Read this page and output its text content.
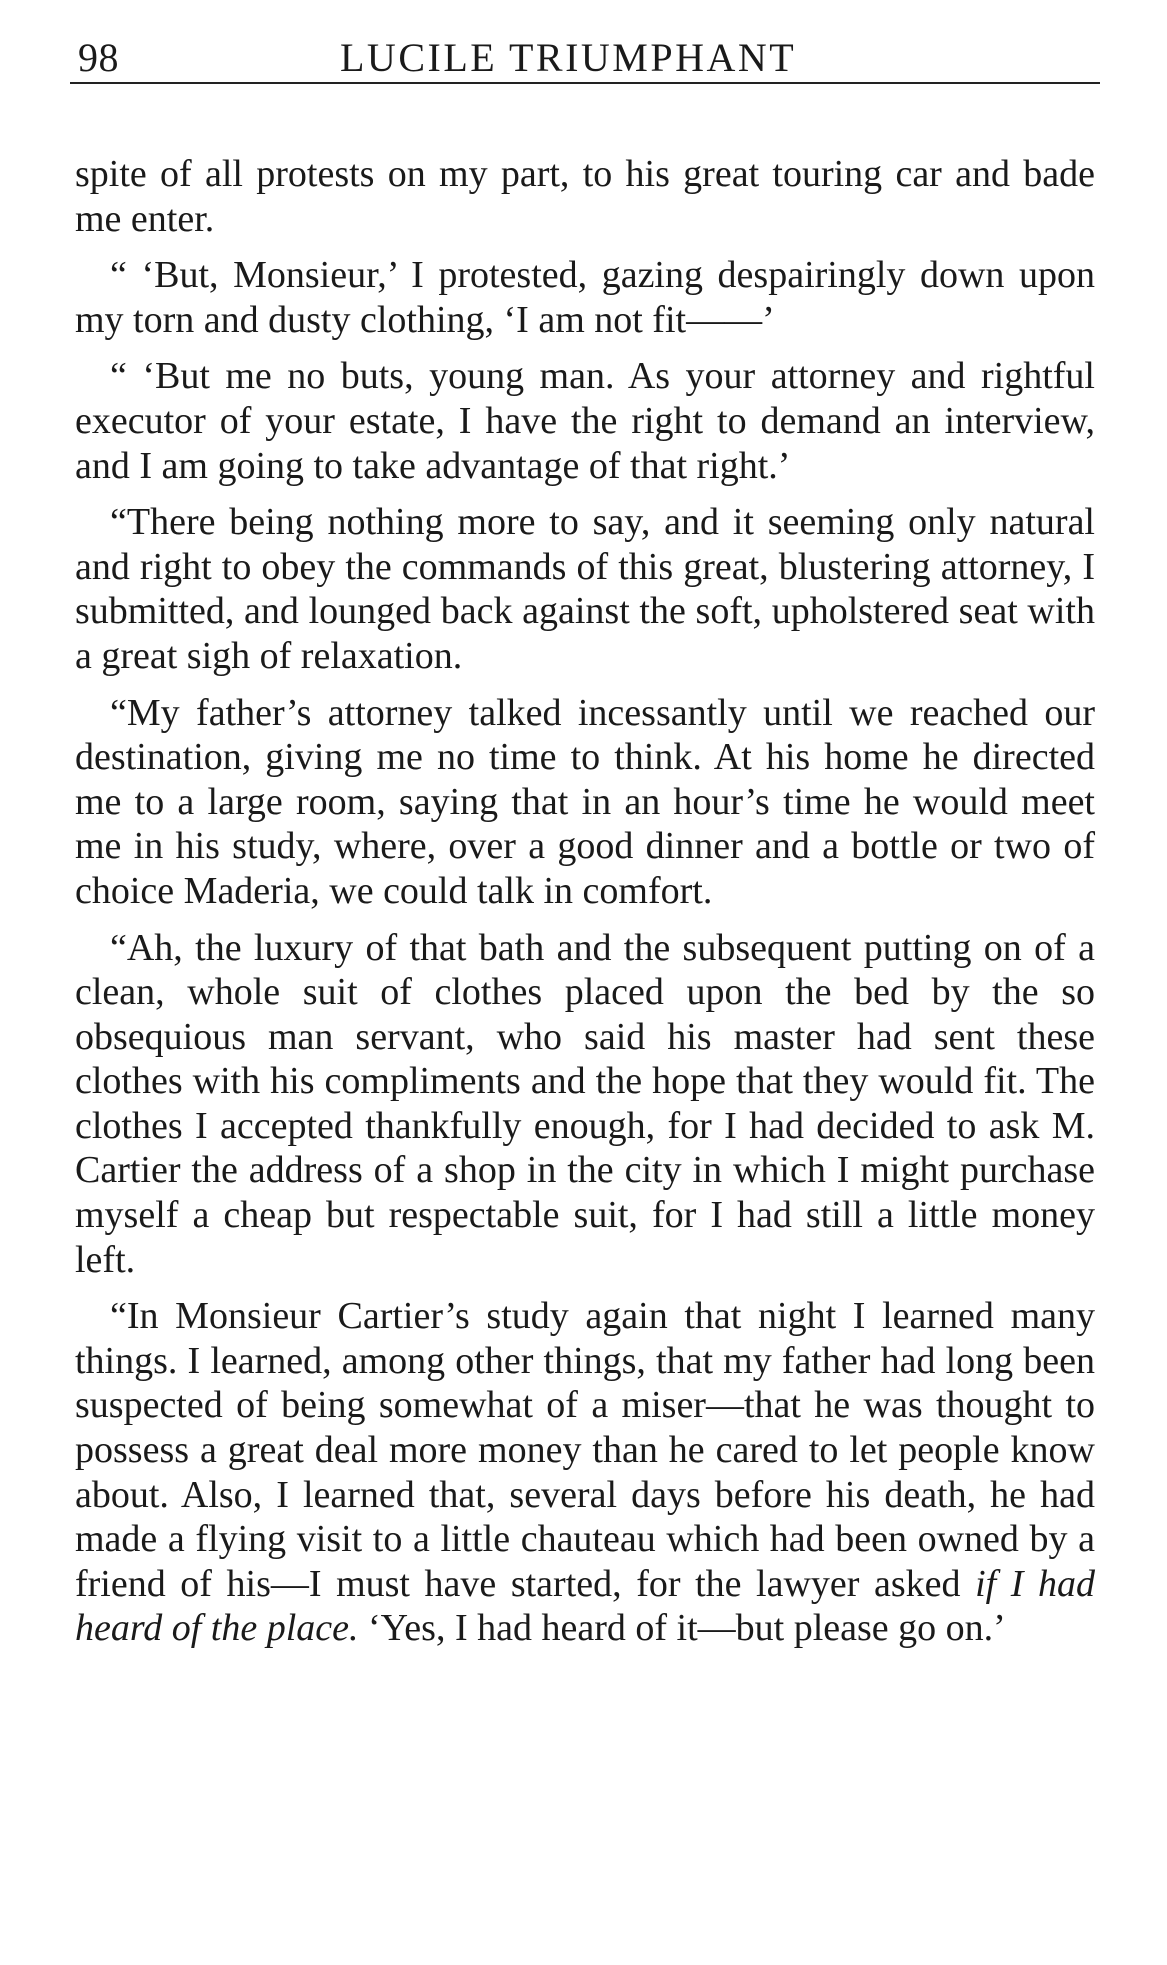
98	LUCILE TRIUMPHANT

spite of all protests on my part, to his great touring car and bade me enter.

“ ‘But, Monsieur,’ I protested, gazing despairingly down upon my torn and dusty clothing, ‘I am not fit——’

“ ‘But me no buts, young man. As your attorney and rightful executor of your estate, I have the right to demand an interview, and I am going to take advantage of that right.’

“There being nothing more to say, and it seeming only natural and right to obey the commands of this great, blustering attorney, I submitted, and lounged back against the soft, upholstered seat with a great sigh of relaxation.

“My father’s attorney talked incessantly until we reached our destination, giving me no time to think. At his home he directed me to a large room, saying that in an hour’s time he would meet me in his study, where, over a good dinner and a bottle or two of choice Maderia, we could talk in comfort.

“Ah, the luxury of that bath and the subsequent putting on of a clean, whole suit of clothes placed upon the bed by the so obsequious man servant, who said his master had sent these clothes with his compliments and the hope that they would fit. The clothes I accepted thankfully enough, for I had decided to ask M. Cartier the address of a shop in the city in which I might purchase myself a cheap but respectable suit, for I had still a little money left.

“In Monsieur Cartier’s study again that night I learned many things. I learned, among other things, that my father had long been suspected of being somewhat of a miser—that he was thought to possess a great deal more money than he cared to let people know about. Also, I learned that, several days before his death, he had made a flying visit to a little chauteau which had been owned by a friend of his—I must have started, for the lawyer asked if I had heard of the place. ‘Yes, I had heard of it—but please go on.’
